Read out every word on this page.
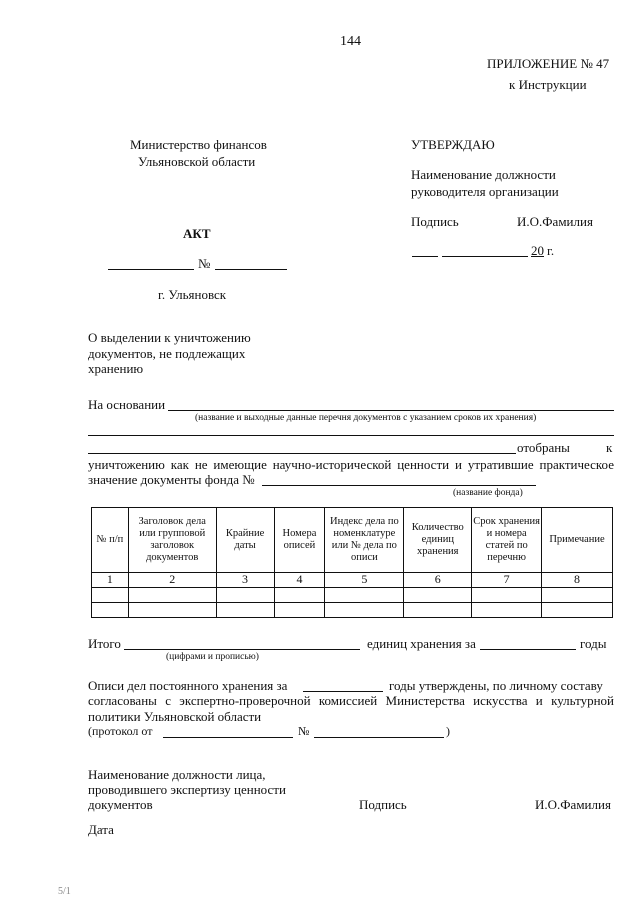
144
ПРИЛОЖЕНИЕ № 47
к Инструкции
Министерство финансов
Ульяновской области
УТВЕРЖДАЮ
Наименование должности
руководителя организации
Подпись	И.О.Фамилия
20 г.
АКТ
№
г. Ульяновск
О выделении к уничтожению
документов, не подлежащих
хранению
На основании
(название и выходные данные перечня документов с указанием сроков их хранения)
отобраны	к
уничтожению как не имеющие научно-исторической ценности и утратившие практическое
значение документы фонда №
(название фонда)
№ п/п	Заголовок дела или групповой заголовок документов	Крайние даты	Номера описей	Индекс дела по номенклатуре или № дела по описи	Количество единиц хранения	Срок хранения и номера статей по перечню	Примечание
1	2	3	4	5	6	7	8

Итого	единиц хранения за	годы
(цифрами и прописью)
Описи дел постоянного хранения за	годы утверждены, по личному составу
согласованы с экспертно-проверочной комиссией Министерства искусства и культурной
политики Ульяновской области
(протокол от	№	)
Наименование должности лица,
проводившего экспертизу ценности
документов	Подпись	И.О.Фамилия
Дата
5/1
